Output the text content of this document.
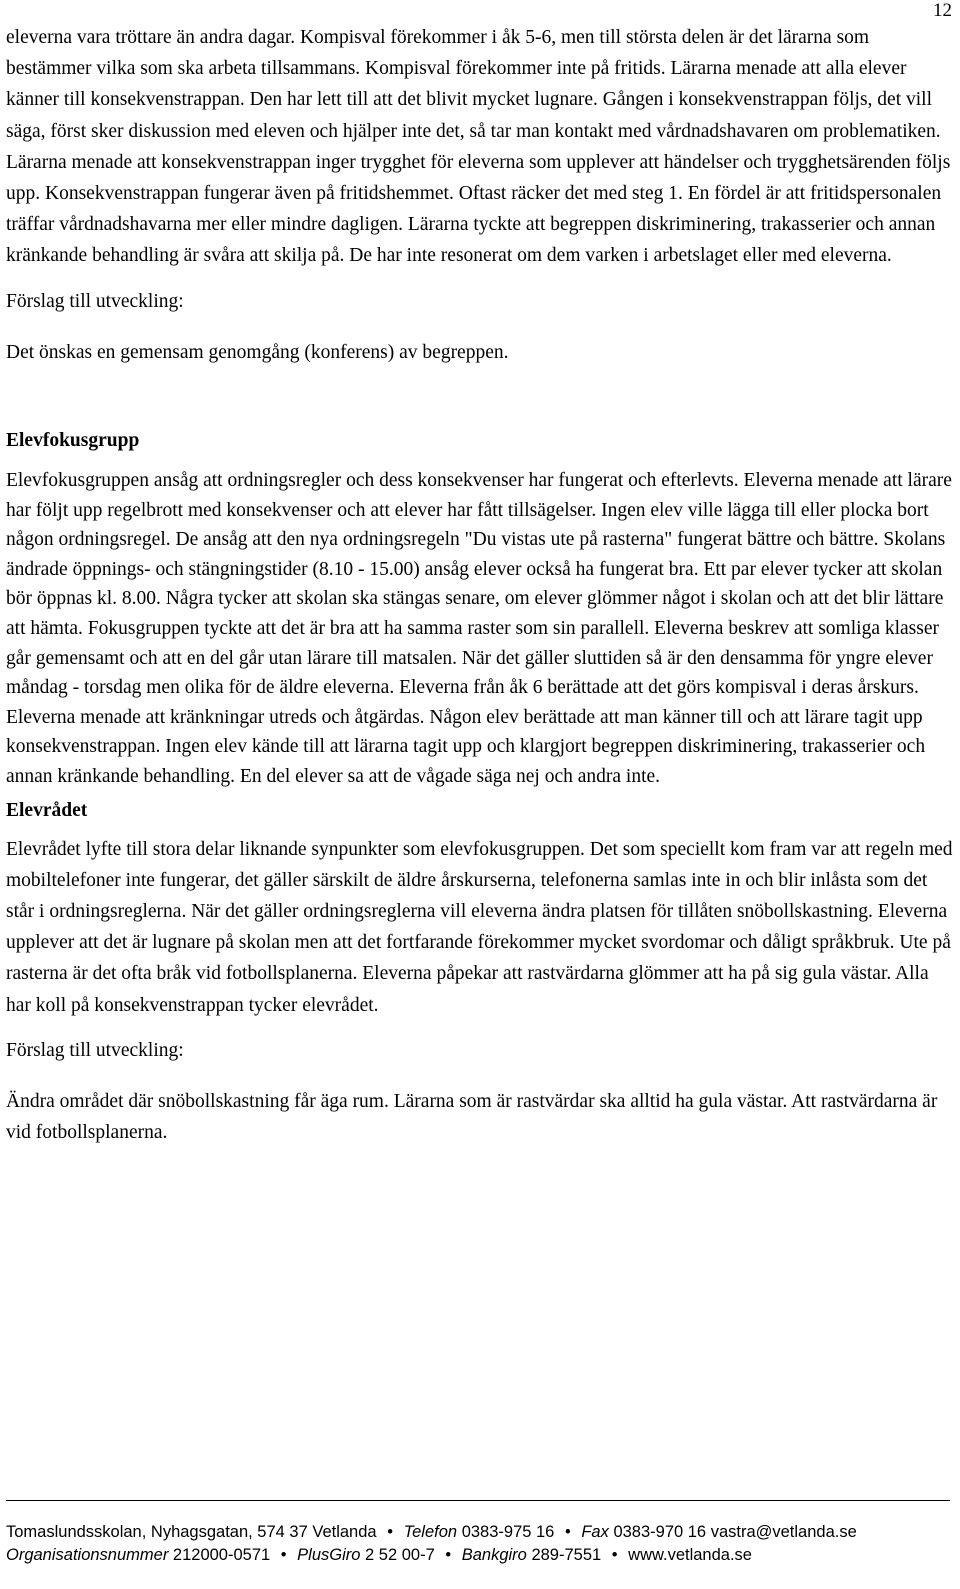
12

eleverna vara tröttare än andra dagar. Kompisval förekommer i åk 5-6, men till största delen är det lärarna som bestämmer vilka som ska arbeta tillsammans. Kompisval förekommer inte på fritids. Lärarna menade att alla elever känner till konsekvenstrappan. Den har lett till att det blivit mycket lugnare. Gången i konsekvenstrappan följs, det vill säga, först sker diskussion med eleven och hjälper inte det, så tar man kontakt med vårdnadshavaren om problematiken. Lärarna menade att konsekvenstrappan inger trygghet för eleverna som upplever att händelser och trygghetsärenden följs upp. Konsekvenstrappan fungerar även på fritidshemmet. Oftast räcker det med steg 1. En fördel är att fritidspersonalen träffar vårdnadshavarna mer eller mindre dagligen. Lärarna tyckte att begreppen diskriminering, trakasserier och annan kränkande behandling är svåra att skilja på. De har inte resonerat om dem varken i arbetslaget eller med eleverna.

Förslag till utveckling:

Det önskas en gemensam genomgång (konferens) av begreppen.

Elevfokusgrupp

Elevfokusgruppen ansåg att ordningsregler och dess konsekvenser har fungerat och efterlevts. Eleverna menade att lärare har följt upp regelbrott med konsekvenser och att elever har fått tillsägelser. Ingen elev ville lägga till eller plocka bort någon ordningsregel. De ansåg att den nya ordningsregeln "Du vistas ute på rasterna" fungerat bättre och bättre. Skolans ändrade öppnings- och stängningstider (8.10 - 15.00) ansåg elever också ha fungerat bra. Ett par elever tycker att skolan bör öppnas kl. 8.00. Några tycker att skolan ska stängas senare, om elever glömmer något i skolan och att det blir lättare att hämta. Fokusgruppen tyckte att det är bra att ha samma raster som sin parallell. Eleverna beskrev att somliga klasser går gemensamt och att en del går utan lärare till matsalen. När det gäller sluttiden så är den densamma för yngre elever måndag - torsdag men olika för de äldre eleverna. Eleverna från åk 6 berättade att det görs kompisval i deras årskurs. Eleverna menade att kränkningar utreds och åtgärdas. Någon elev berättade att man känner till och att lärare tagit upp konsekvenstrappan. Ingen elev kände till att lärarna tagit upp och klargjort begreppen diskriminering, trakasserier och annan kränkande behandling. En del elever sa att de vågade säga nej och andra inte.

Elevrådet

Elevrådet lyfte till stora delar liknande synpunkter som elevfokusgruppen. Det som speciellt kom fram var att regeln med mobiltelefoner inte fungerar, det gäller särskilt de äldre årskurserna, telefonerna samlas inte in och blir inlåsta som det står i ordningsreglerna. När det gäller ordningsreglerna vill eleverna ändra platsen för tillåten snöbollskastning. Eleverna upplever att det är lugnare på skolan men att det fortfarande förekommer mycket svordomar och dåligt språkbruk. Ute på rasterna är det ofta bråk vid fotbollsplanerna. Eleverna påpekar att rastvärdarna glömmer att ha på sig gula västar. Alla har koll på konsekvenstrappan tycker elevrådet.

Förslag till utveckling:

Ändra området där snöbollskastning får äga rum. Lärarna som är rastvärdar ska alltid ha gula västar. Att rastvärdarna är vid fotbollsplanerna.

Tomaslundsskolan, Nyhagsgatan, 574 37 Vetlanda • Telefon 0383-975 16 • Fax 0383-970 16 vastra@vetlanda.se
Organisationsnummer 212000-0571 • PlusGiro 2 52 00-7 • Bankgiro 289-7551 • www.vetlanda.se
